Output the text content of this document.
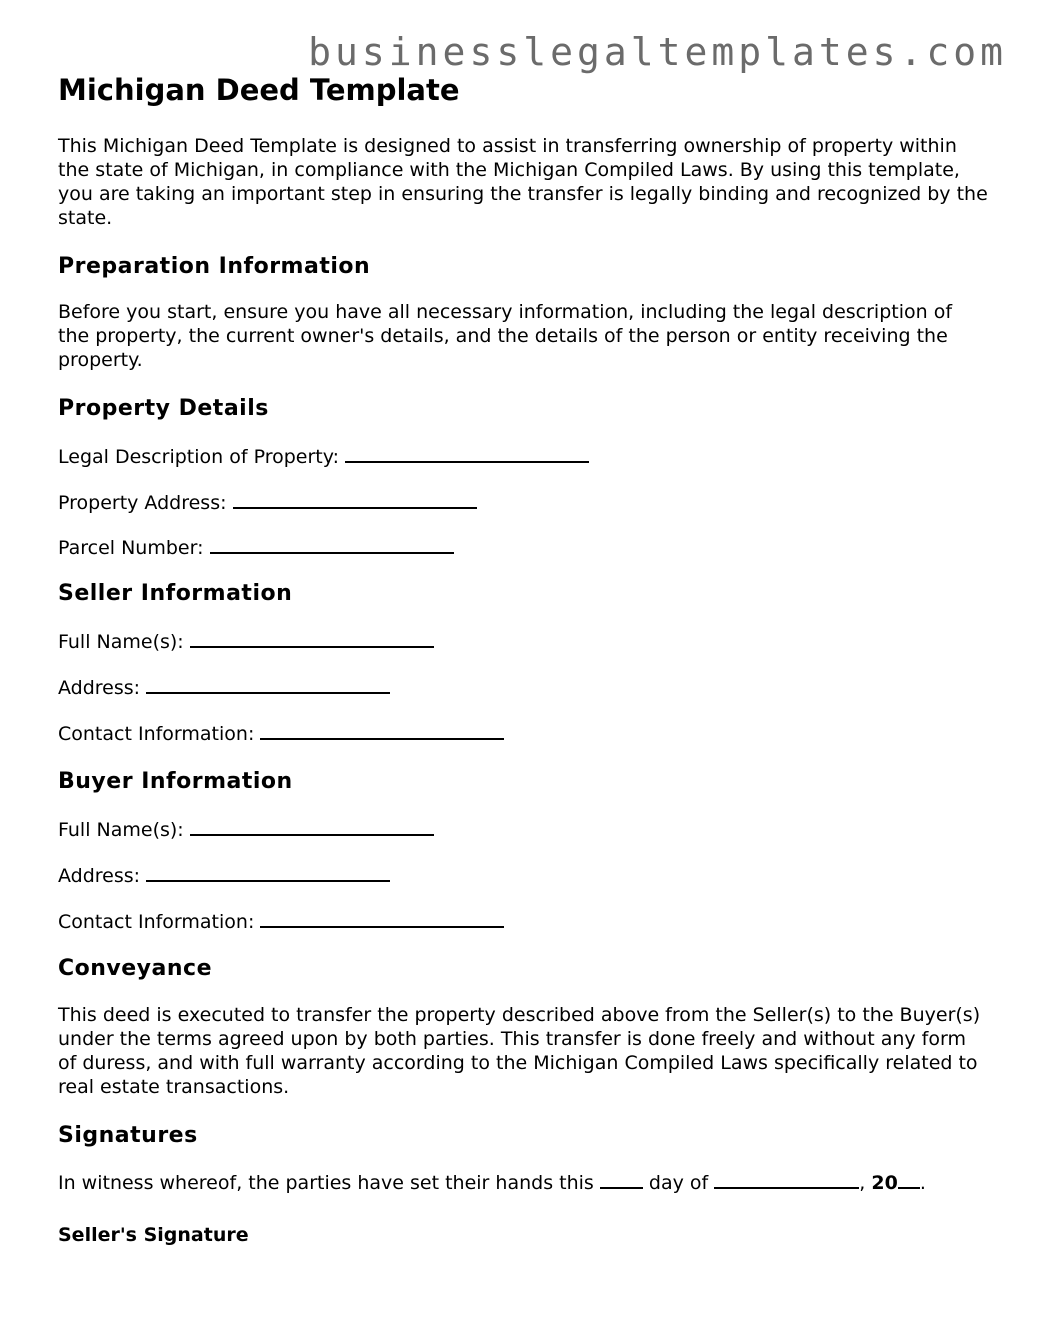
businesslegaltemplates.com
Michigan Deed Template

This Michigan Deed Template is designed to assist in transferring ownership of property within the state of Michigan, in compliance with the Michigan Compiled Laws. By using this template, you are taking an important step in ensuring the transfer is legally binding and recognized by the state.

Preparation Information

Before you start, ensure you have all necessary information, including the legal description of the property, the current owner's details, and the details of the person or entity receiving the property.

Property Details

Legal Description of Property:

Property Address:

Parcel Number:

Seller Information

Full Name(s):

Address:

Contact Information:

Buyer Information

Full Name(s):

Address:

Contact Information:

Conveyance

This deed is executed to transfer the property described above from the Seller(s) to the Buyer(s) under the terms agreed upon by both parties. This transfer is done freely and without any form of duress, and with full warranty according to the Michigan Compiled Laws specifically related to real estate transactions.

Signatures

In witness whereof, the parties have set their hands this	day of	, 20 .

Seller's Signature
